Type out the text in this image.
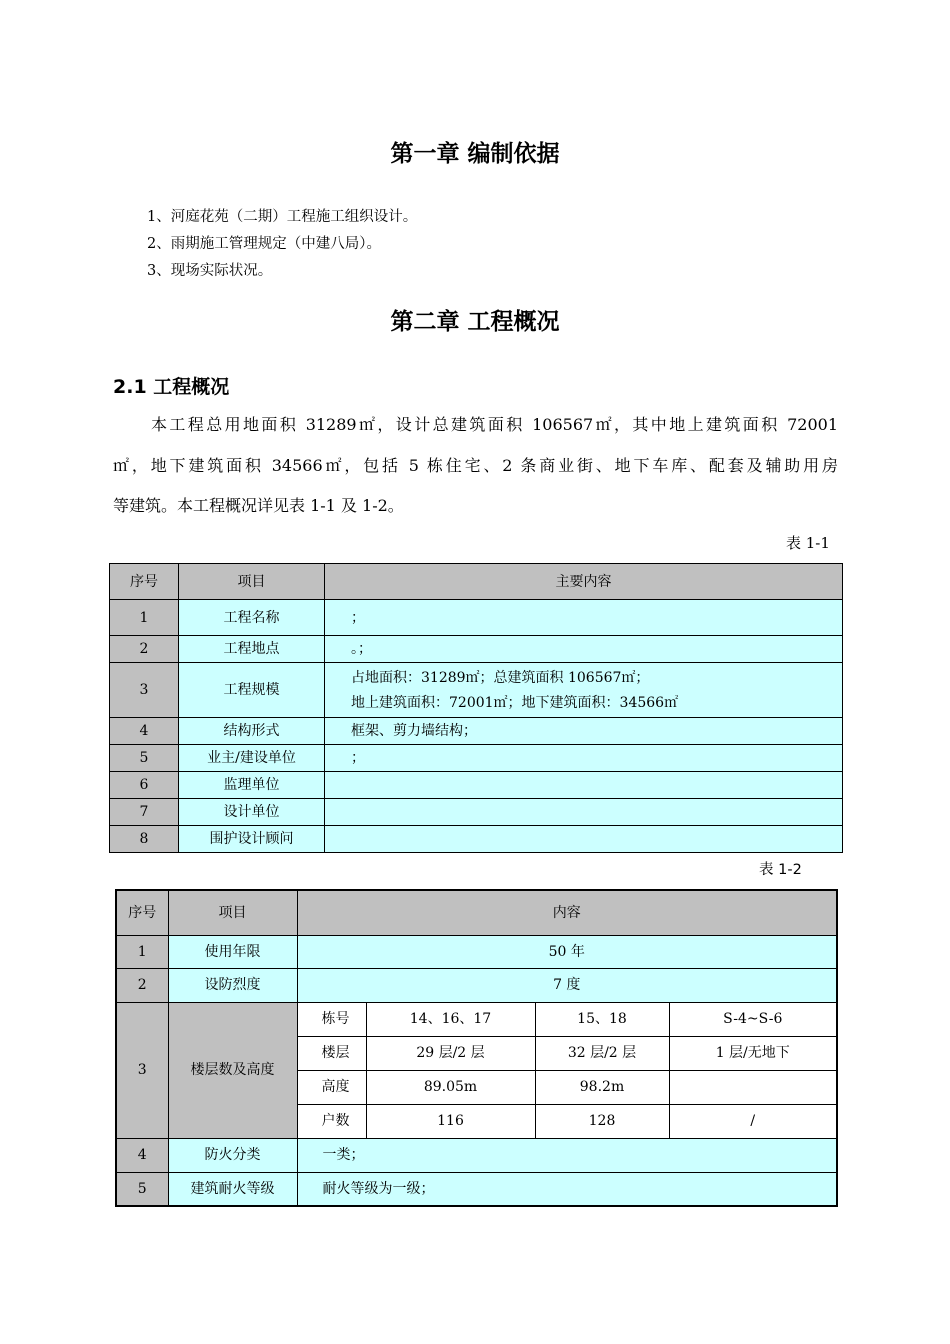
第一章 编制依据
1、河庭花苑（二期）工程施工组织设计。
2、雨期施工管理规定（中建八局）。
3、现场实际状况。
第二章 工程概况
2.1 工程概况
本工程总用地面积 31289㎡，设计总建筑面积 106567㎡，其中地上建筑面积 72001
㎡，地下建筑面积 34566㎡，包括 5 栋住宅、2 条商业街、地下车库、配套及辅助用房
等建筑。本工程概况详见表 1-1 及 1-2。
表 1-1
序号	项目	主要内容
1	工程名称	；
2	工程地点	。；
3	工程规模	占地面积：31289㎡；总建筑面积 106567㎡；
地上建筑面积：72001㎡；地下建筑面积：34566㎡

4	结构形式	框架、剪力墙结构；
5	业主/建设单位	；
6	监理单位	
7	设计单位	
8	围护设计顾问	
表 1-2
序号	项目	内容			
1	使用年限	50 年			
2	设防烈度	7 度			
3	楼层数及高度	栋号	14、16、17	15、18	S-4~S-6
		楼层	29 层/2 层	32 层/2 层	1 层/无地下
		高度	89.05m	98.2m	
		户数	116	128	/
4	防火分类	一类；			
5	建筑耐火等级	耐火等级为一级；			
